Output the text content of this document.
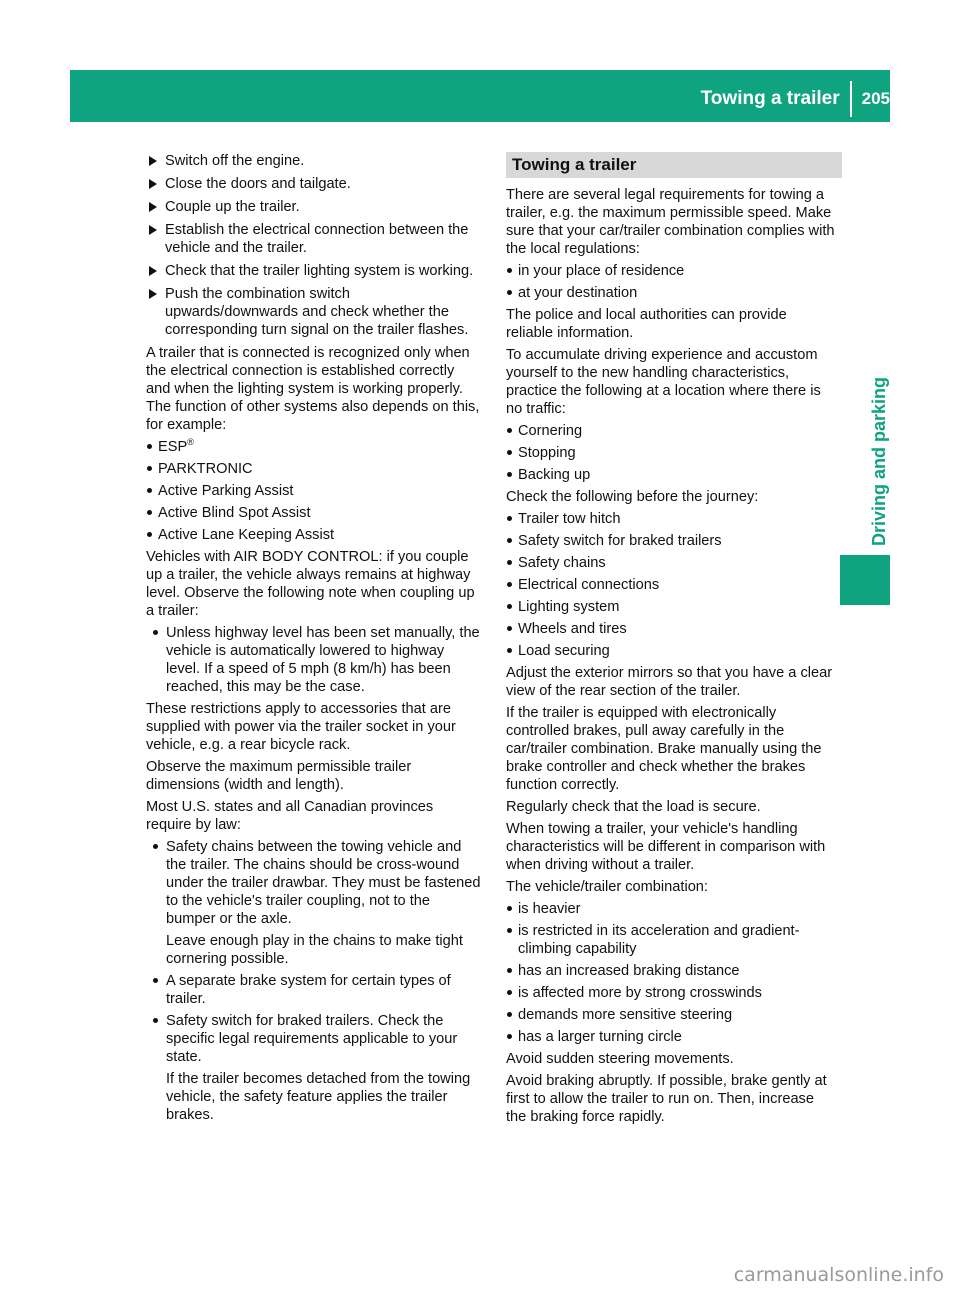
Towing a trailer 205
Driving and parking
Switch off the engine.
Close the doors and tailgate.
Couple up the trailer.
Establish the electrical connection between the vehicle and the trailer.
Check that the trailer lighting system is working.
Push the combination switch upwards/downwards and check whether the corresponding turn signal on the trailer flashes.

A trailer that is connected is recognized only when the electrical connection is established correctly and when the lighting system is working properly. The function of other systems also depends on this, for example:

ESP®
PARKTRONIC
Active Parking Assist
Active Blind Spot Assist
Active Lane Keeping Assist

Vehicles with AIR BODY CONTROL: if you couple up a trailer, the vehicle always remains at highway level. Observe the following note when coupling up a trailer:

Unless highway level has been set manually, the vehicle is automatically lowered to highway level. If a speed of 5 mph (8 km/h) has been reached, this may be the case.

These restrictions apply to accessories that are supplied with power via the trailer socket in your vehicle, e.g. a rear bicycle rack.

Observe the maximum permissible trailer dimensions (width and length).

Most U.S. states and all Canadian provinces require by law:

Safety chains between the towing vehicle and the trailer. The chains should be cross-wound under the trailer drawbar. They must be fastened to the vehicle's trailer coupling, not to the bumper or the axle.
Leave enough play in the chains to make tight cornering possible.
A separate brake system for certain types of trailer.
Safety switch for braked trailers. Check the specific legal requirements applicable to your state.
If the trailer becomes detached from the towing vehicle, the safety feature applies the trailer brakes.
Towing a trailer

There are several legal requirements for towing a trailer, e.g. the maximum permissible speed. Make sure that your car/trailer combination complies with the local regulations:

in your place of residence
at your destination

The police and local authorities can provide reliable information.

To accumulate driving experience and accustom yourself to the new handling characteristics, practice the following at a location where there is no traffic:

Cornering
Stopping
Backing up

Check the following before the journey:

Trailer tow hitch
Safety switch for braked trailers
Safety chains
Electrical connections
Lighting system
Wheels and tires
Load securing

Adjust the exterior mirrors so that you have a clear view of the rear section of the trailer.

If the trailer is equipped with electronically controlled brakes, pull away carefully in the car/trailer combination. Brake manually using the brake controller and check whether the brakes function correctly.

Regularly check that the load is secure.

When towing a trailer, your vehicle's handling characteristics will be different in comparison with when driving without a trailer.

The vehicle/trailer combination:

is heavier
is restricted in its acceleration and gradient-climbing capability
has an increased braking distance
is affected more by strong crosswinds
demands more sensitive steering
has a larger turning circle

Avoid sudden steering movements.

Avoid braking abruptly. If possible, brake gently at first to allow the trailer to run on. Then, increase the braking force rapidly.

carmanualsonline.info
